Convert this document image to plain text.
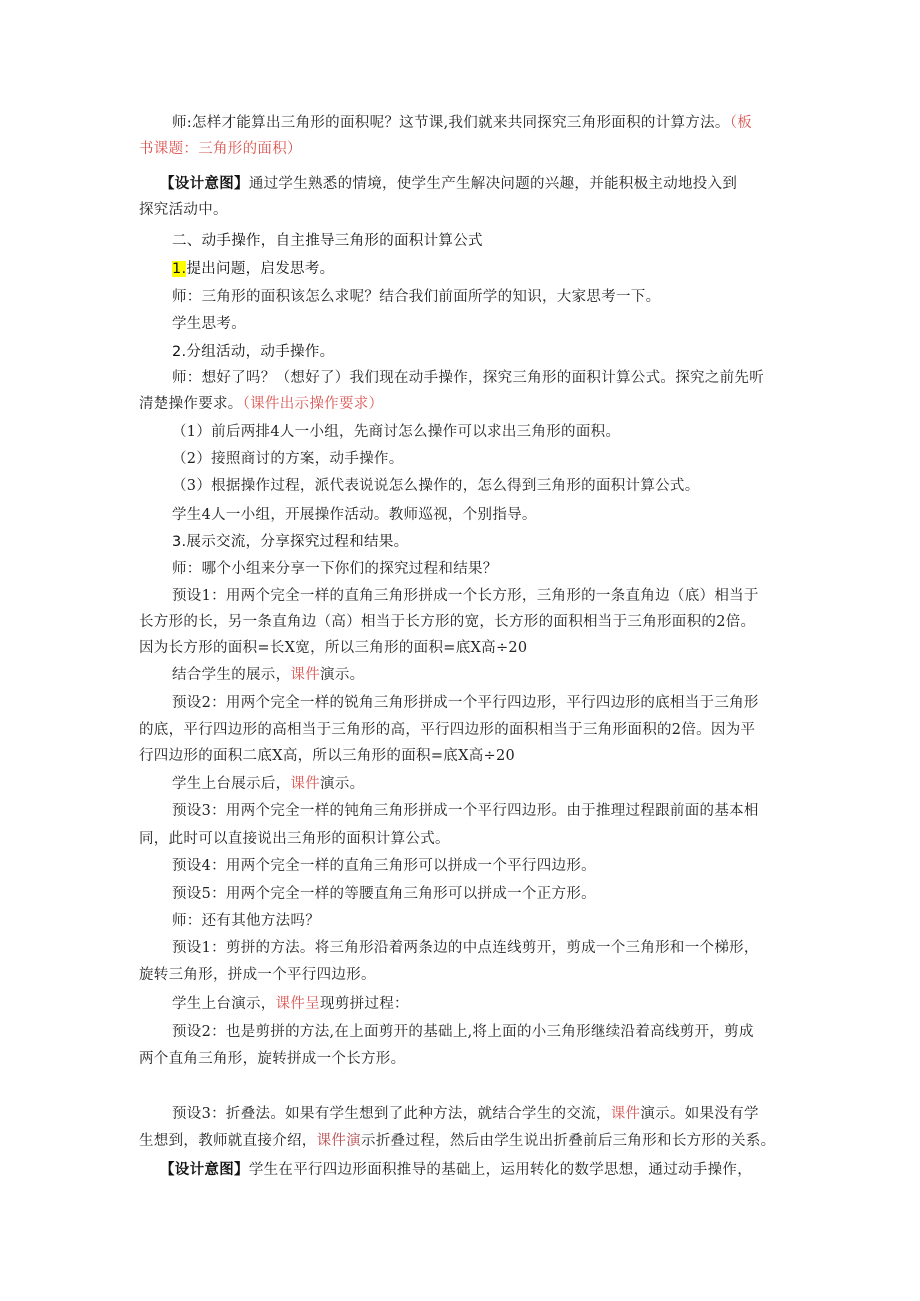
师:怎样才能算出三角形的面积呢？这节课,我们就来共同探究三角形面积的计算方法。（板
书课题：三角形的面积）
【设计意图】通过学生熟悉的情境，使学生产生解决问题的兴趣，并能积极主动地投入到
探究活动中。
二、动手操作，自主推导三角形的面积计算公式
1.提出问题，启发思考。
师：三角形的面积该怎么求呢？结合我们前面所学的知识，大家思考一下。
学生思考。
2.分组活动，动手操作。
师：想好了吗？（想好了）我们现在动手操作，探究三角形的面积计算公式。探究之前先听
清楚操作要求。（课件出示操作要求）
（1）前后两排4人一小组，先商讨怎么操作可以求出三角形的面积。
（2）接照商讨的方案，动手操作。
（3）根据操作过程，派代表说说怎么操作的，怎么得到三角形的面积计算公式。
学生4人一小组，开展操作活动。教师巡视，个别指导。
3.展示交流，分享探究过程和结果。
师：哪个小组来分享一下你们的探究过程和结果？
预设1：用两个完全一样的直角三角形拼成一个长方形，三角形的一条直角边（底）相当于
长方形的长，另一条直角边（高）相当于长方形的宽，长方形的面积相当于三角形面积的2倍。
因为长方形的面积=长X宽，所以三角形的面积=底X高÷20
结合学生的展示，课件演示。
预设2：用两个完全一样的锐角三角形拼成一个平行四边形，平行四边形的底相当于三角形
的底，平行四边形的高相当于三角形的高，平行四边形的面积相当于三角形面积的2倍。因为平
行四边形的面积二底X高，所以三角形的面积=底X高÷20
学生上台展示后，课件演示。
预设3：用两个完全一样的钝角三角形拼成一个平行四边形。由于推理过程跟前面的基本相
同，此时可以直接说出三角形的面积计算公式。
预设4：用两个完全一样的直角三角形可以拼成一个平行四边形。
预设5：用两个完全一样的等腰直角三角形可以拼成一个正方形。
师：还有其他方法吗？
预设1：剪拼的方法。将三角形沿着两条边的中点连线剪开，剪成一个三角形和一个梯形，
旋转三角形，拼成一个平行四边形。
学生上台演示，课件呈现剪拼过程：
预设2：也是剪拼的方法,在上面剪开的基础上,将上面的小三角形继续沿着高线剪开，剪成
两个直角三角形，旋转拼成一个长方形。
预设3：折叠法。如果有学生想到了此种方法，就结合学生的交流，课件演示。如果没有学
生想到，教师就直接介绍，课件演示折叠过程，然后由学生说出折叠前后三角形和长方形的关系。
【设计意图】学生在平行四边形面积推导的基础上，运用转化的数学思想，通过动手操作，
